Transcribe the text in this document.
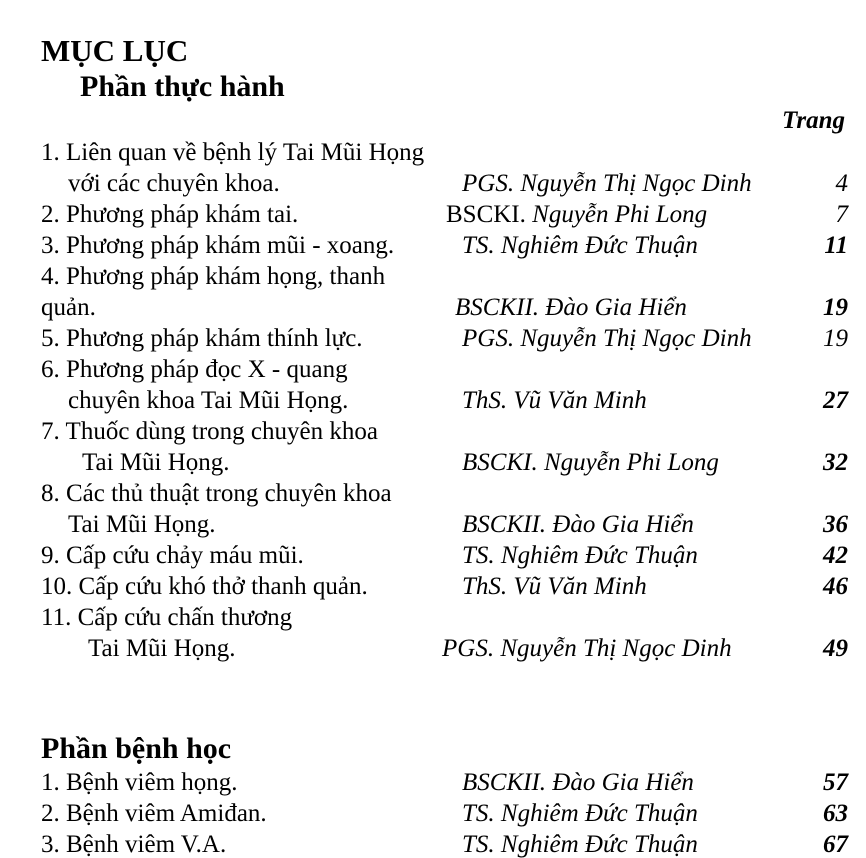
MỤC LỤC
Phần thực hành
Trang
1. Liên quan về bệnh lý Tai Mũi Họng
với các chuyên khoa.	PGS. Nguyễn Thị Ngọc Dinh	4
2. Phương pháp khám tai.	BSCKI. Nguyễn Phi Long	7
3. Phương pháp khám mũi - xoang.	TS. Nghiêm Đức Thuận	11
4. Phương pháp khám họng, thanh
quản.	BSCKII. Đào Gia Hiển	19
5. Phương pháp khám thính lực.	PGS. Nguyễn Thị Ngọc Dinh	19
6. Phương pháp đọc X - quang
chuyên khoa Tai Mũi Họng.	ThS. Vũ Văn Minh	27
7. Thuốc dùng trong chuyên khoa
Tai Mũi Họng.	BSCKI. Nguyễn Phi Long	32
8. Các thủ thuật trong chuyên khoa
Tai Mũi Họng.	BSCKII. Đào Gia Hiển	36
9. Cấp cứu chảy máu mũi.	TS. Nghiêm Đức Thuận	42
10. Cấp cứu khó thở thanh quản.	ThS. Vũ Văn Minh	46
11. Cấp cứu chấn thương
Tai Mũi Họng.	PGS. Nguyễn Thị Ngọc Dinh	49
Phần bệnh học
1. Bệnh viêm họng.	BSCKII. Đào Gia Hiển	57
2. Bệnh viêm Amiđan.	TS. Nghiêm Đức Thuận	63
3. Bệnh viêm V.A.	TS. Nghiêm Đức Thuận	67
